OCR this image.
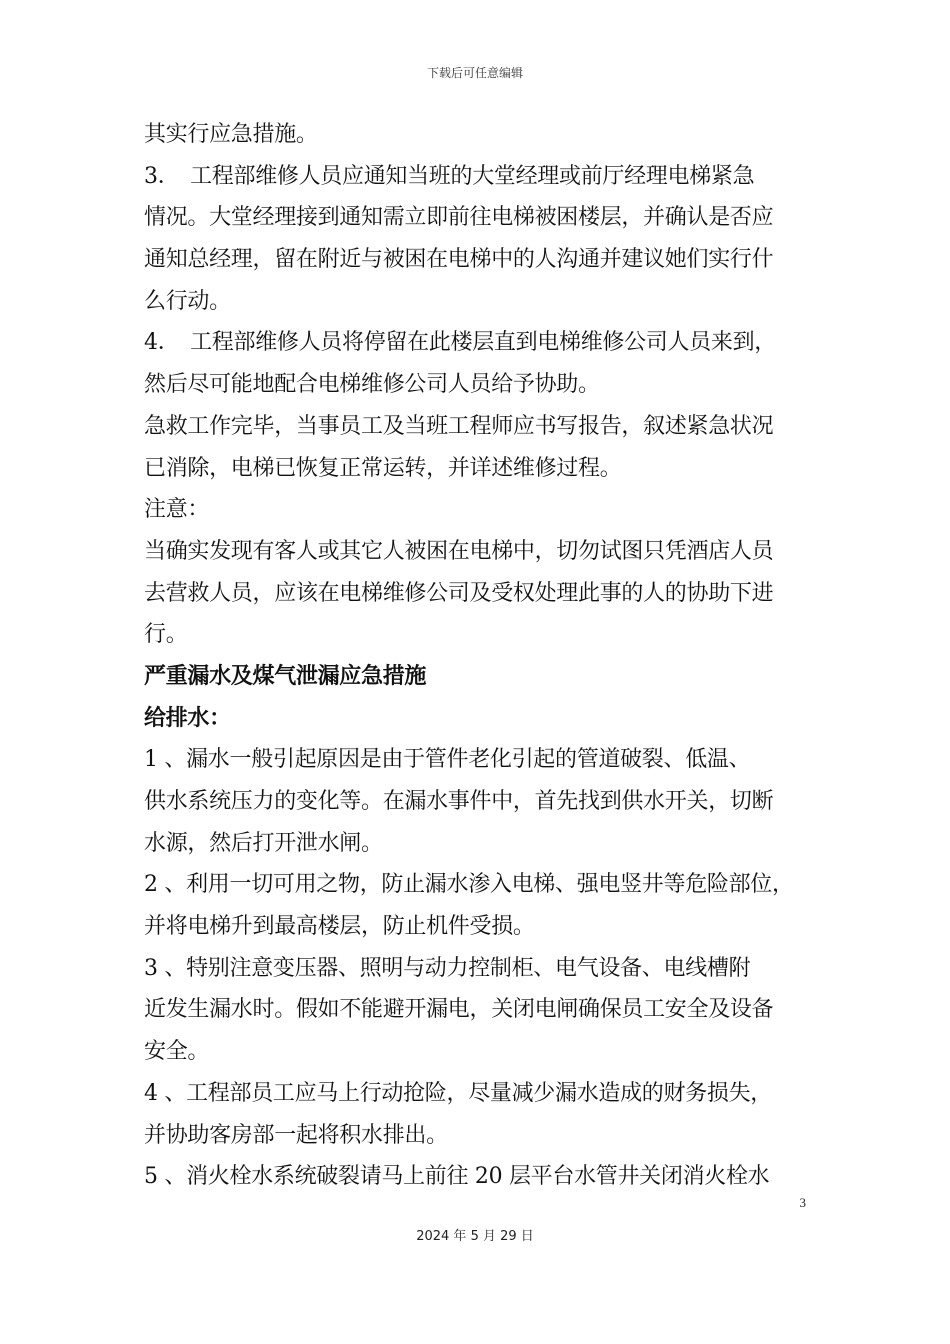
下载后可任意编辑
其实行应急措施。
3．　工程部维修人员应通知当班的大堂经理或前厅经理电梯紧急
情况。大堂经理接到通知需立即前往电梯被困楼层，并确认是否应
通知总经理，留在附近与被困在电梯中的人沟通并建议她们实行什
么行动。
4．　工程部维修人员将停留在此楼层直到电梯维修公司人员来到，
然后尽可能地配合电梯维修公司人员给予协助。
急救工作完毕，当事员工及当班工程师应书写报告，叙述紧急状况
已消除，电梯已恢复正常运转，并详述维修过程。
注意：
当确实发现有客人或其它人被困在电梯中，切勿试图只凭酒店人员
去营救人员，应该在电梯维修公司及受权处理此事的人的协助下进
行。
严重漏水及煤气泄漏应急措施
给排水：
1 、漏水一般引起原因是由于管件老化引起的管道破裂、低温、
供水系统压力的变化等。在漏水事件中，首先找到供水开关，切断
水源，然后打开泄水闸。
2 、利用一切可用之物，防止漏水渗入电梯、强电竖井等危险部位，
并将电梯升到最高楼层，防止机件受损。
3 、特别注意变压器、照明与动力控制柜、电气设备、电线槽附
近发生漏水时。假如不能避开漏电，关闭电闸确保员工安全及设备
安全。
4 、工程部员工应马上行动抢险，尽量减少漏水造成的财务损失，
并协助客房部一起将积水排出。
5 、消火栓水系统破裂请马上前往 20 层平台水管井关闭消火栓水
3
2024 年 5 月 29 日
